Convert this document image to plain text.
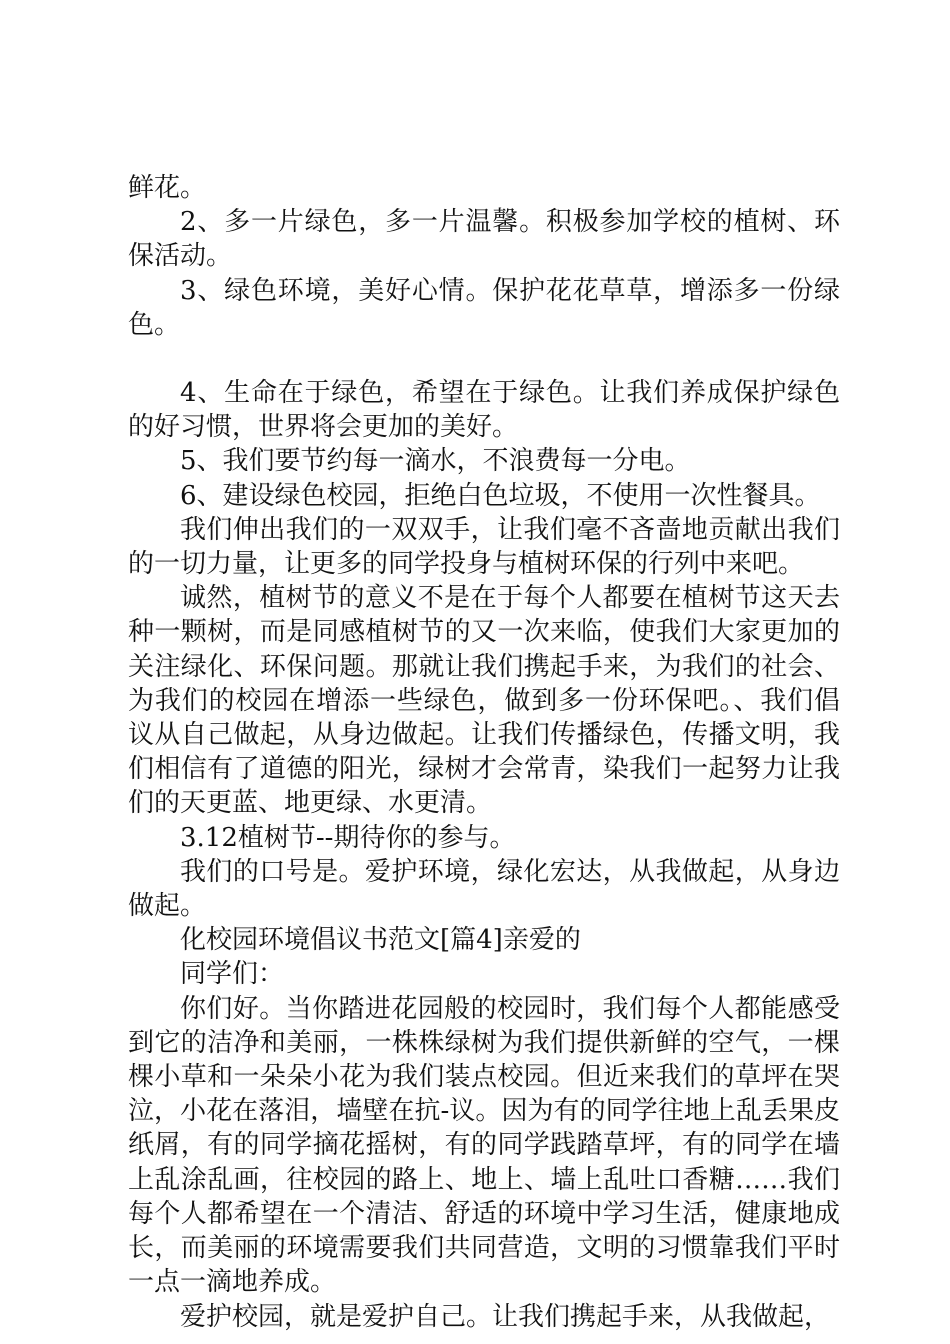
鲜花。

2、多一片绿色，多一片温馨。积极参加学校的植树、环保活动。

3、绿色环境，美好心情。保护花花草草，增添多一份绿色。

4、生命在于绿色，希望在于绿色。让我们养成保护绿色的好习惯，世界将会更加的美好。

5、我们要节约每一滴水，不浪费每一分电。

6、建设绿色校园，拒绝白色垃圾，不使用一次性餐具。

我们伸出我们的一双双手，让我们毫不吝啬地贡献出我们的一切力量，让更多的同学投身与植树环保的行列中来吧。

诚然，植树节的意义不是在于每个人都要在植树节这天去种一颗树，而是同感植树节的又一次来临，使我们大家更加的关注绿化、环保问题。那就让我们携起手来，为我们的社会、为我们的校园在增添一些绿色，做到多一份环保吧。、我们倡议从自己做起，从身边做起。让我们传播绿色，传播文明，我们相信有了道德的阳光，绿树才会常青，染我们一起努力让我们的天更蓝、地更绿、水更清。

3.12植树节--期待你的参与。

我们的口号是。爱护环境，绿化宏达，从我做起，从身边做起。

化校园环境倡议书范文[篇4]亲爱的

同学们：

你们好。当你踏进花园般的校园时，我们每个人都能感受到它的洁净和美丽，一株株绿树为我们提供新鲜的空气，一棵棵小草和一朵朵小花为我们装点校园。但近来我们的草坪在哭泣，小花在落泪，墙壁在抗-议。因为有的同学往地上乱丢果皮纸屑，有的同学摘花摇树，有的同学践踏草坪，有的同学在墙上乱涂乱画，往校园的路上、地上、墙上乱吐口香糖……我们每个人都希望在一个清洁、舒适的环境中学习生活，健康地成长，而美丽的环境需要我们共同营造，文明的习惯靠我们平时一点一滴地养成。

爱护校园，就是爱护自己。让我们携起手来，从我做起，
